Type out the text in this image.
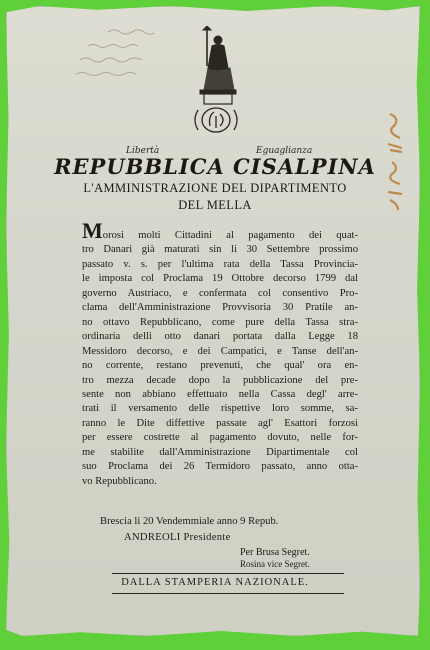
Libertà	Eguaglianza
REPUBBLICA CISALPINA
L'AMMINISTRAZIONE DEL DIPARTIMENTO
DEL MELLA
Morosi molti Cittadini al pagamento dei quat-
tro Danari già maturati sin li 30 Settembre prossimo
passato v. s. per l'ultima rata della Tassa Provincia-
le imposta col Proclama 19 Ottobre decorso 1799 dal
governo Austriaco, e confermata col consentivo Pro-
clama dell'Amministrazione Provvisoria 30 Pratile an-
no ottavo Repubblicano, come pure della Tassa stra-
ordinaria delli otto danari portata dalla Legge 18
Messidoro decorso, e dei Campatici, e Tanse dell'an-
no corrente, restano prevenuti, che qual' ora en-
tro mezza decade dopo la pubblicazione del pre-
sente non abbiano effettuato nella Cassa degl' arre-
trati il versamento delle rispettive loro somme, sa-
ranno le Dite diffettive passate agl' Esattori forzosi
per essere costrette al pagamento dovuto, nelle for-
me stabilite dall'Amministrazione Dipartimentale col
suo Proclama dei 26 Termidoro passato, anno otta-
vo Repubblicano.
Brescia li 20 Vendemmiale anno 9 Repub.
ANDREOLI Presidente
Per Brusa Segret.
Rosina vice Segret.
DALLA STAMPERIA NAZIONALE.
